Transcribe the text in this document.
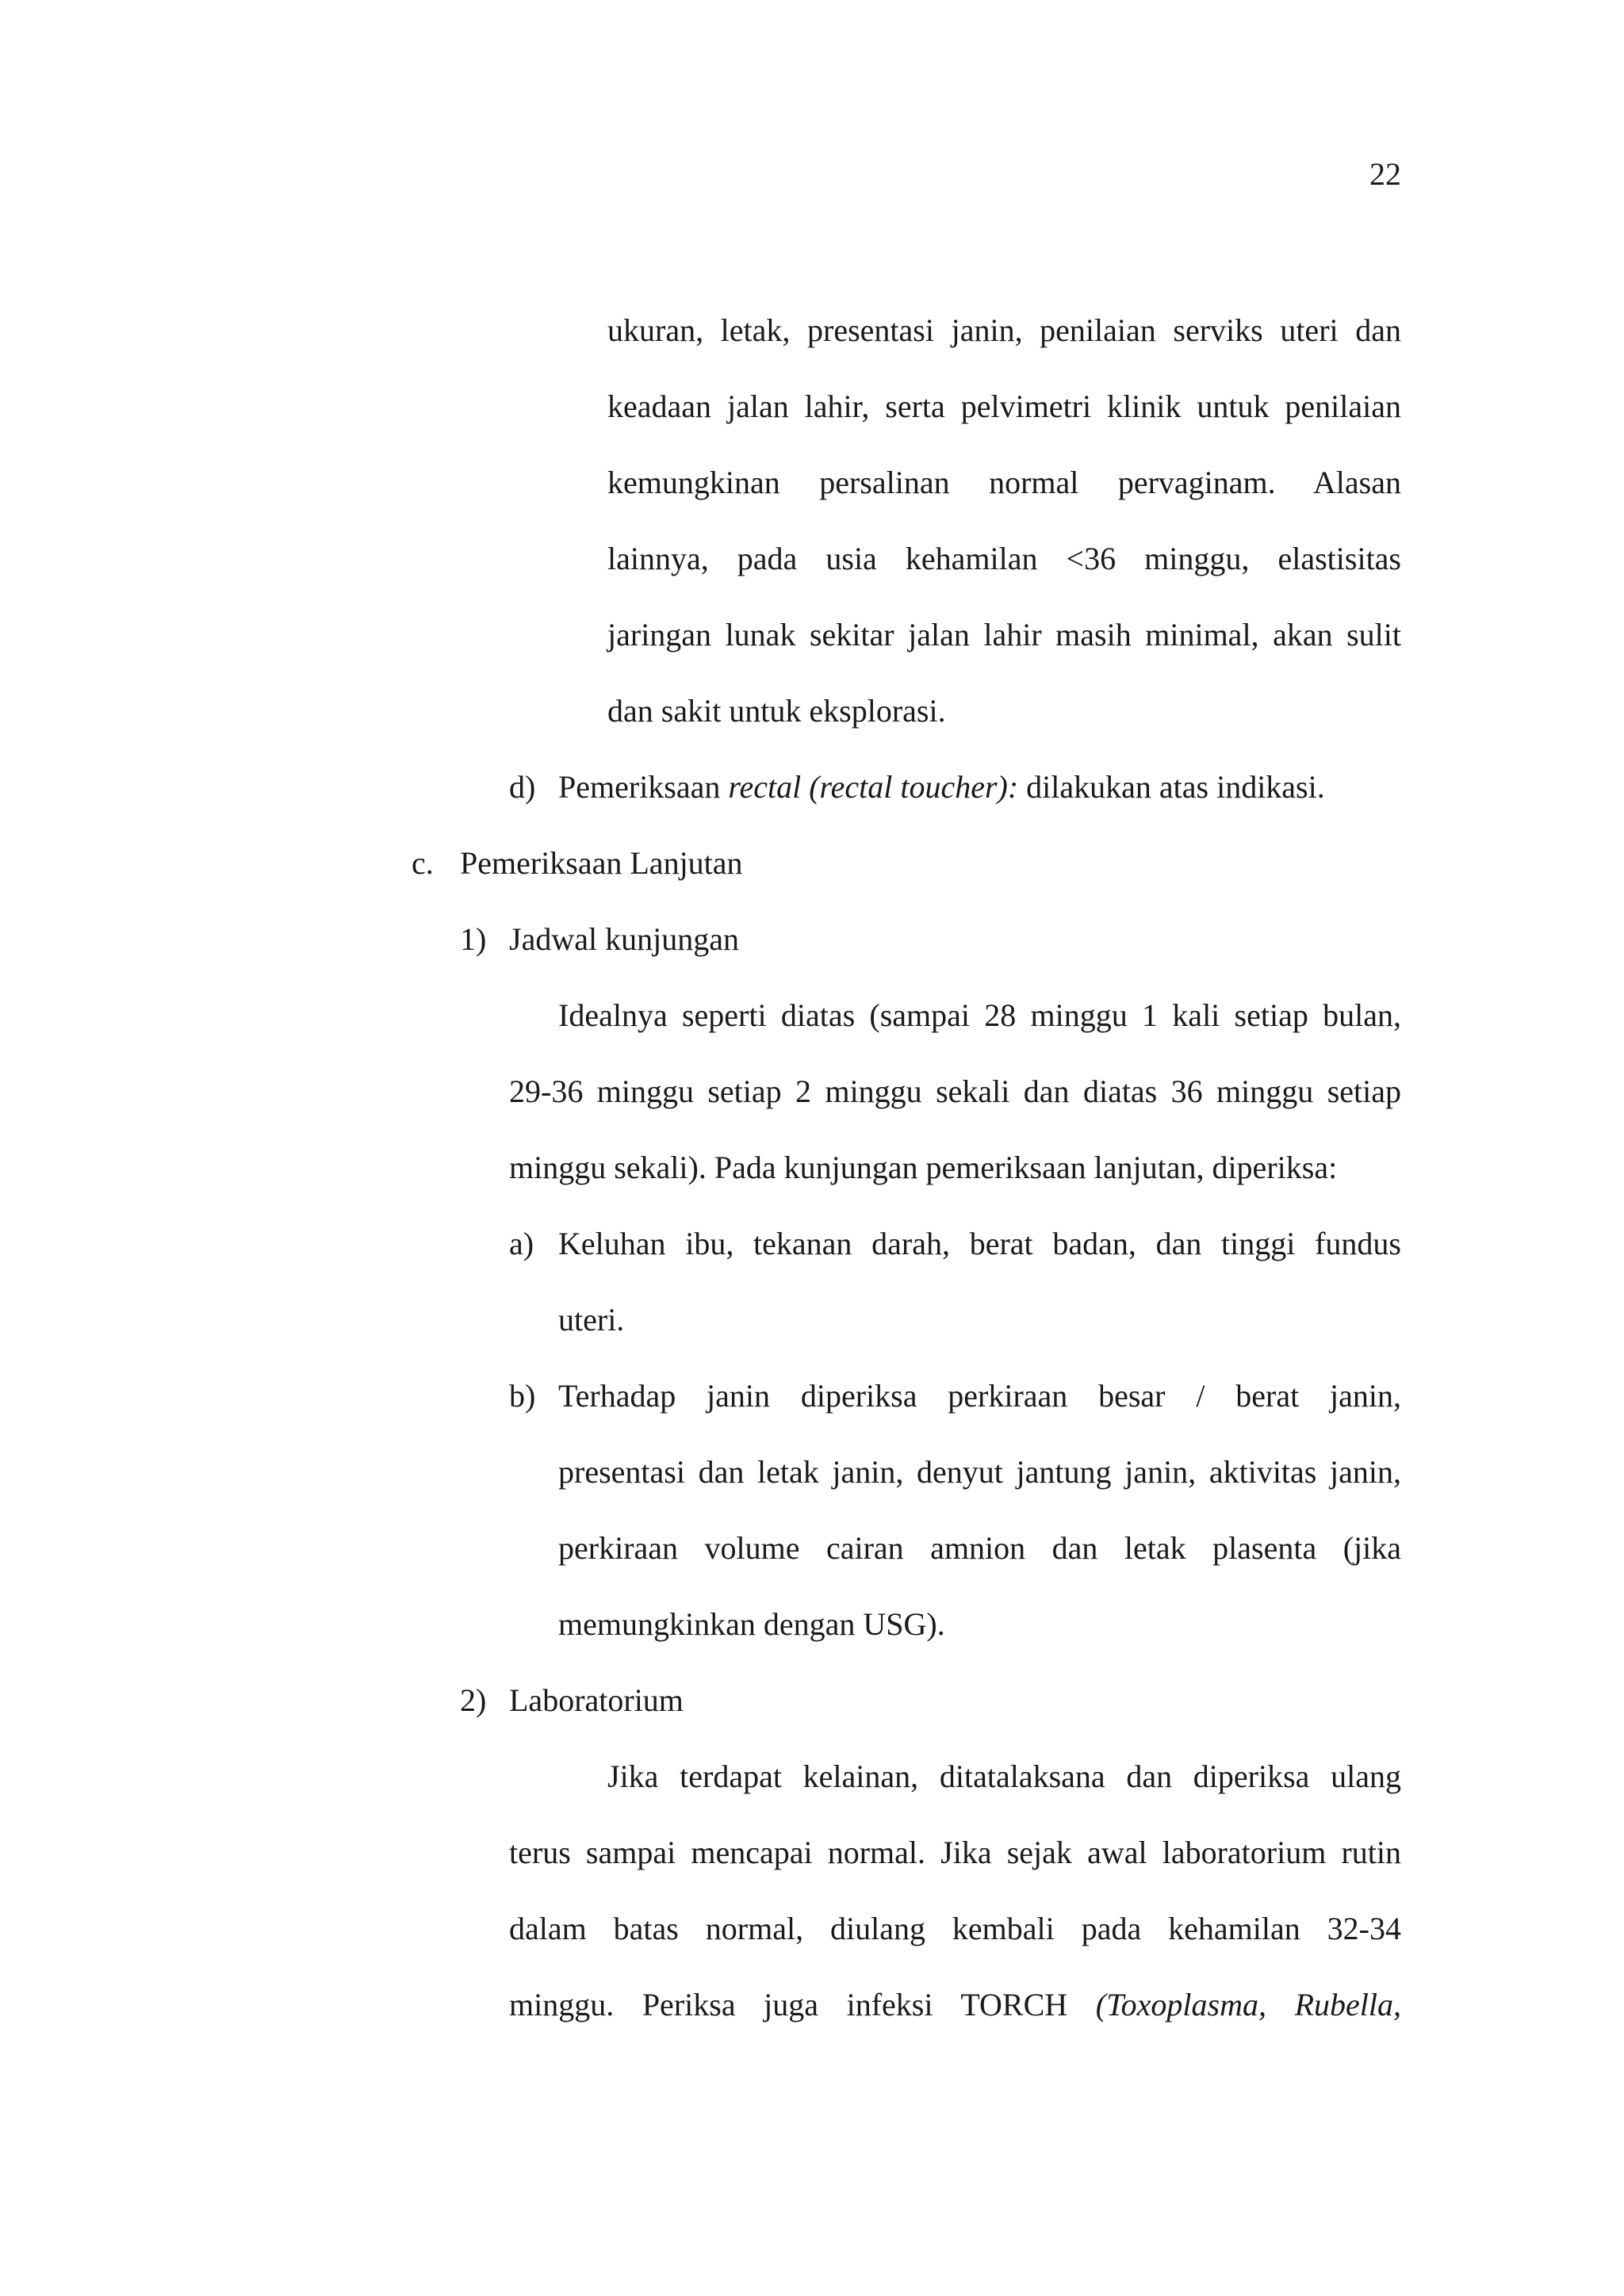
22
ukuran, letak, presentasi janin, penilaian serviks uteri dan
keadaan jalan lahir, serta pelvimetri klinik untuk penilaian
kemungkinan persalinan normal pervaginam. Alasan
lainnya, pada usia kehamilan <36 minggu, elastisitas
jaringan lunak sekitar jalan lahir masih minimal, akan sulit
dan sakit untuk eksplorasi.
d) Pemeriksaan rectal (rectal toucher): dilakukan atas indikasi.
c. Pemeriksaan Lanjutan
1) Jadwal kunjungan
Idealnya seperti diatas (sampai 28 minggu 1 kali setiap bulan,
29-36 minggu setiap 2 minggu sekali dan diatas 36 minggu setiap
minggu sekali). Pada kunjungan pemeriksaan lanjutan, diperiksa:
a) Keluhan ibu, tekanan darah, berat badan, dan tinggi fundus
uteri.
b) Terhadap janin diperiksa perkiraan besar / berat janin,
presentasi dan letak janin, denyut jantung janin, aktivitas janin,
perkiraan volume cairan amnion dan letak plasenta (jika
memungkinkan dengan USG).
2) Laboratorium
Jika terdapat kelainan, ditatalaksana dan diperiksa ulang
terus sampai mencapai normal. Jika sejak awal laboratorium rutin
dalam batas normal, diulang kembali pada kehamilan 32-34
minggu. Periksa juga infeksi TORCH (Toxoplasma, Rubella,
